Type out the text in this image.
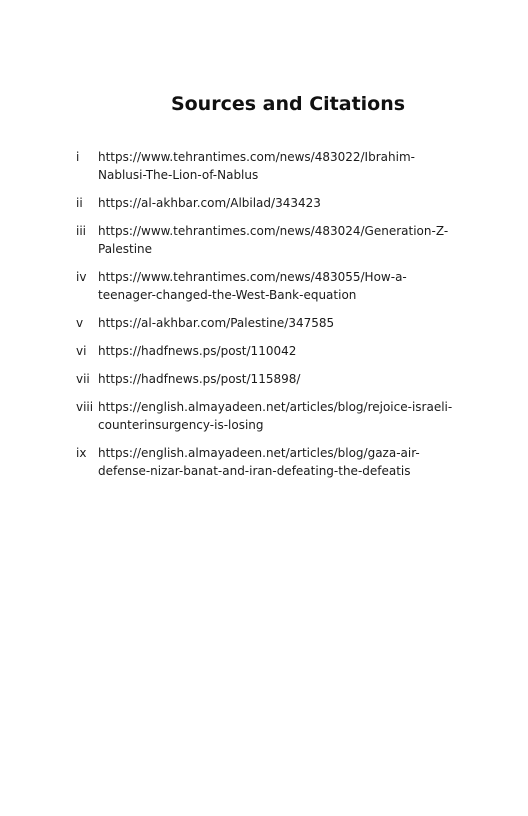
Sources and Citations
i	https://www.tehrantimes.com/news/483022/Ibrahim-
Nablusi-The-Lion-of-Nablus
ii	https://al-akhbar.com/Albilad/343423
iii https://www.tehrantimes.com/news/483024/Generation-Z-
Palestine
iv https://www.tehrantimes.com/news/483055/How-a-
teenager-changed-the-West-Bank-equation
v	https://al-akhbar.com/Palestine/347585
vi https://hadfnews.ps/post/110042
vii https://hadfnews.ps/post/115898/
viii https://english.almayadeen.net/articles/blog/rejoice-israeli-
counterinsurgency-is-losing
ix https://english.almayadeen.net/articles/blog/gaza-air-
defense-nizar-banat-and-iran-defeating-the-defeatis
